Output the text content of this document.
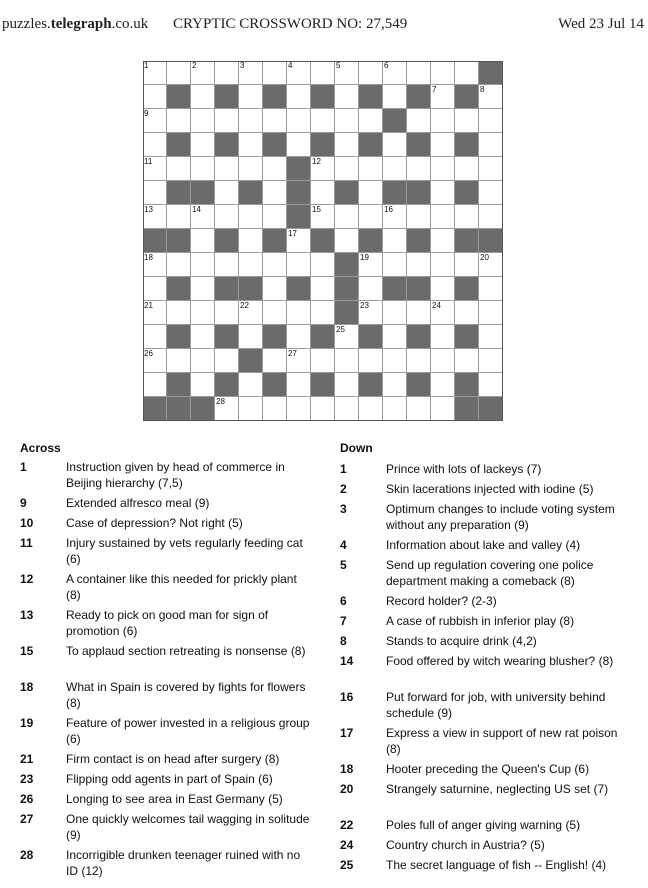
puzzles.telegraph.co.uk CRYPTIC CROSSWORD NO: 27,549	Wed 23 Jul 14
1	2	3	4	5	6
7	8
9
11	12
13	14	15	16
17
18	19	20
21	22	23	24
25
26	27
28
Across
1	Instruction given by head of commerce in Beijing hierarchy (7,5)
9	Extended alfresco meal (9)
10	Case of depression? Not right (5)
11	Injury sustained by vets regularly feeding cat (6)
12	A container like this needed for prickly plant (8)
13	Ready to pick on good man for sign of promotion (6)
15	To applaud section retreating is nonsense (8)
18	What in Spain is covered by fights for flowers (8)
19	Feature of power invested in a religious group (6)
21	Firm contact is on head after surgery (8)
23	Flipping odd agents in part of Spain (6)
26	Longing to see area in East Germany (5)
27	One quickly welcomes tail wagging in solitude (9)
28	Incorrigible drunken teenager ruined with no ID (12)
Down
1	Prince with lots of lackeys (7)
2	Skin lacerations injected with iodine (5)
3	Optimum changes to include voting system without any preparation (9)
4	Information about lake and valley (4)
5	Send up regulation covering one police department making a comeback (8)
6	Record holder? (2-3)
7	A case of rubbish in inferior play (8)
8	Stands to acquire drink (4,2)
14	Food offered by witch wearing blusher? (8)
16	Put forward for job, with university behind schedule (9)
17	Express a view in support of new rat poison (8)
18	Hooter preceding the Queen's Cup (6)
20	Strangely saturnine, neglecting US set (7)
22	Poles full of anger giving warning (5)
24	Country church in Austria? (5)
25	The secret language of fish -- English! (4)
